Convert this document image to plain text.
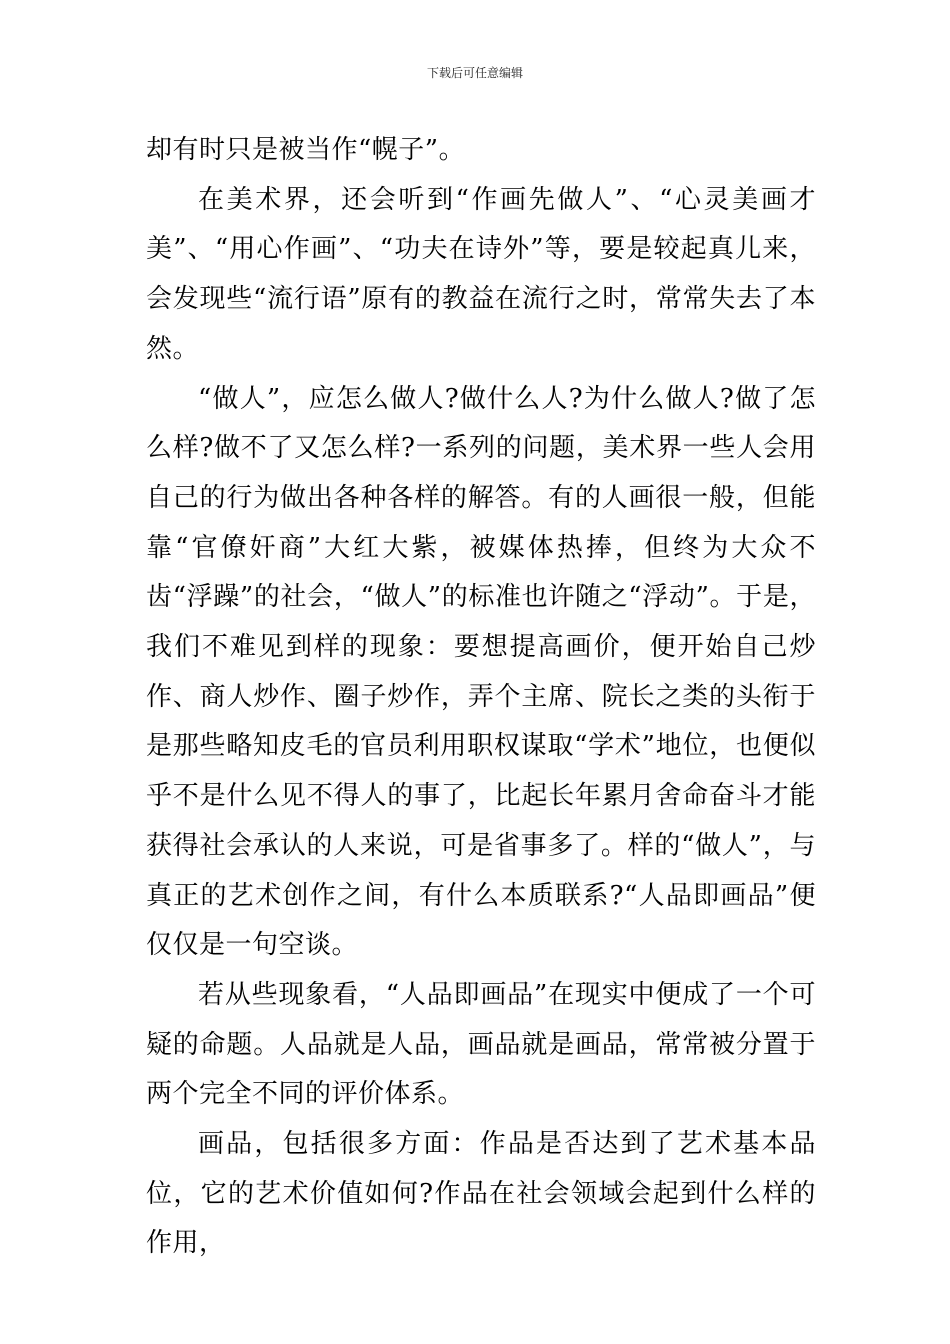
下载后可任意编辑

却有时只是被当作“幌子”。

在美术界，还会听到“作画先做人”、“心灵美画才美”、“用心作画”、“功夫在诗外”等，要是较起真儿来，会发现些“流行语”原有的教益在流行之时，常常失去了本然。

“做人”，应怎么做人?做什么人?为什么做人?做了怎么样?做不了又怎么样?一系列的问题，美术界一些人会用自己的行为做出各种各样的解答。有的人画很一般，但能靠“官僚奸商”大红大紫，被媒体热捧，但终为大众不齿“浮躁”的社会，“做人”的标准也许随之“浮动”。于是，我们不难见到样的现象：要想提高画价，便开始自己炒作、商人炒作、圈子炒作，弄个主席、院长之类的头衔于是那些略知皮毛的官员利用职权谋取“学术”地位，也便似乎不是什么见不得人的事了，比起长年累月舍命奋斗才能获得社会承认的人来说，可是省事多了。样的“做人”，与真正的艺术创作之间，有什么本质联系?“人品即画品”便仅仅是一句空谈。

若从些现象看，“人品即画品”在现实中便成了一个可疑的命题。人品就是人品，画品就是画品，常常被分置于两个完全不同的评价体系。

画品，包括很多方面：作品是否达到了艺术基本品位，它的艺术价值如何?作品在社会领域会起到什么样的作用，
